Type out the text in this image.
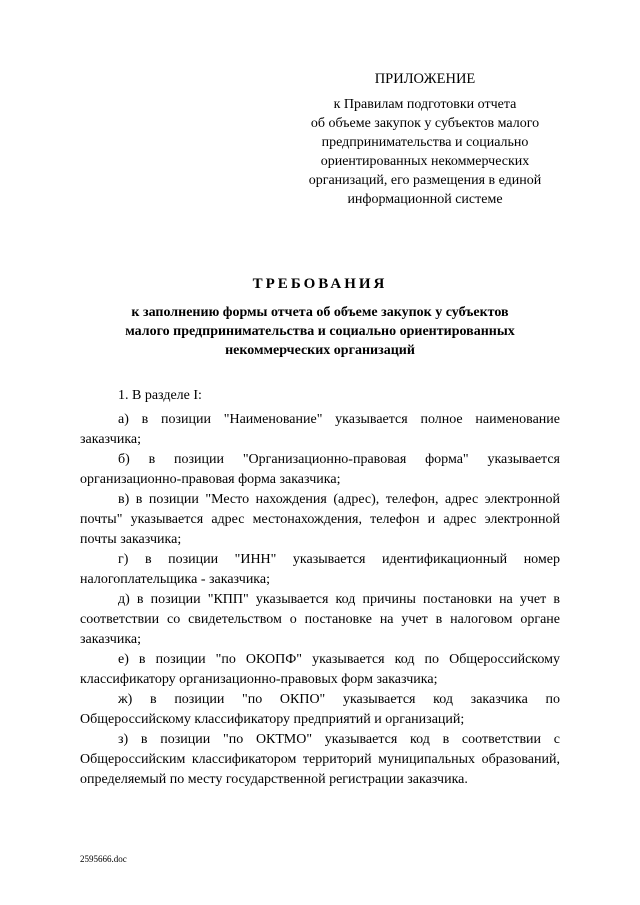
ПРИЛОЖЕНИЕ
к Правилам подготовки отчета
об объеме закупок у субъектов малого
предпринимательства и социально
ориентированных некоммерческих
организаций, его размещения в единой
информационной системе
ТРЕБОВАНИЯ
к заполнению формы отчета об объеме закупок у субъектов
малого предпринимательства и социально ориентированных
некоммерческих организаций

1. В разделе I:

а) в позиции "Наименование" указывается полное наименование заказчика;

б) в позиции "Организационно-правовая форма" указывается организационно-правовая форма заказчика;

в) в позиции "Место нахождения (адрес), телефон, адрес электронной почты" указывается адрес местонахождения, телефон и адрес электронной почты заказчика;

г) в позиции "ИНН" указывается идентификационный номер налогоплательщика - заказчика;

д) в позиции "КПП" указывается код причины постановки на учет в соответствии со свидетельством о постановке на учет в налоговом органе заказчика;

е) в позиции "по ОКОПФ" указывается код по Общероссийскому классификатору организационно-правовых форм заказчика;

ж) в позиции "по ОКПО" указывается код заказчика по Общероссийскому классификатору предприятий и организаций;

з) в позиции "по ОКТМО" указывается код в соответствии с Общероссийским классификатором территорий муниципальных образований, определяемый по месту государственной регистрации заказчика.

2595666.doc
